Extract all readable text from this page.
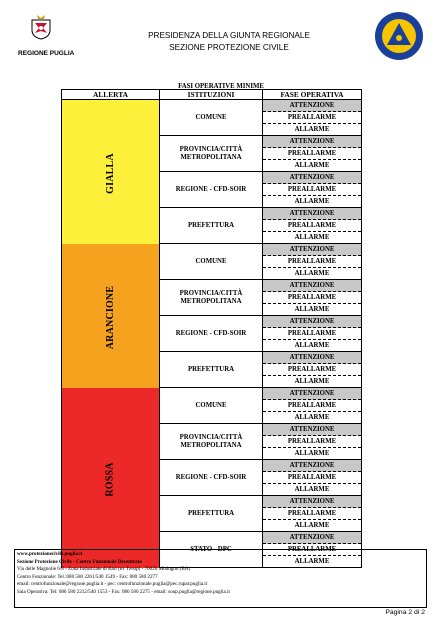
REGIONE PUGLIA
PRESIDENZA DELLA GIUNTA REGIONALE
SEZIONE PROTEZIONE CIVILE
FASI OPERATIVE MINIME
ALLERTA	ISTITUZIONI	FASE OPERATIVA
GIALLA	COMUNE	ATTENZIONE
PREALLARME
ALLARME

	PROVINCIA/CITTÀ METROPOLITANA	ATTENZIONE
PREALLARME
ALLARME

	REGIONE - CFD-SOIR	ATTENZIONE
PREALLARME
ALLARME

	PREFETTURA	ATTENZIONE
PREALLARME
ALLARME

ARANCIONE	COMUNE	ATTENZIONE
PREALLARME
ALLARME

	PROVINCIA/CITTÀ METROPOLITANA	ATTENZIONE
PREALLARME
ALLARME

	REGIONE - CFD-SOIR	ATTENZIONE
PREALLARME
ALLARME

	PREFETTURA	ATTENZIONE
PREALLARME
ALLARME

ROSSA	COMUNE	ATTENZIONE
PREALLARME
ALLARME

	PROVINCIA/CITTÀ METROPOLITANA	ATTENZIONE
PREALLARME
ALLARME

	REGIONE - CFD-SOIR	ATTENZIONE
PREALLARME
ALLARME

	PREFETTURA	ATTENZIONE
PREALLARME
ALLARME

	STATO - DPC	ATTENZIONE
PREALLARME
ALLARME
www.protezionecivile.puglia.it
Sezione Protezione Civile - Centro Funzionale Decentrato
Via delle Magnolie 6/8 - Zona Industriale di Bari (ex Tresip) - 70026 Modugno (BA)
Centro Funzionale: Tel.:080 580 2261/540 1549 - Fax: 080 580 2277
email: centrofunzionale@regione.puglia.it - pec: centrofunzionale.puglia@pec.rupar.puglia.it
Sala Operativa: Tel: 080 580 2212/540 1553 - Fax: 080 580 2275 - email: soup.puglia@regione.puglia.it
Pagina 2 di 2
